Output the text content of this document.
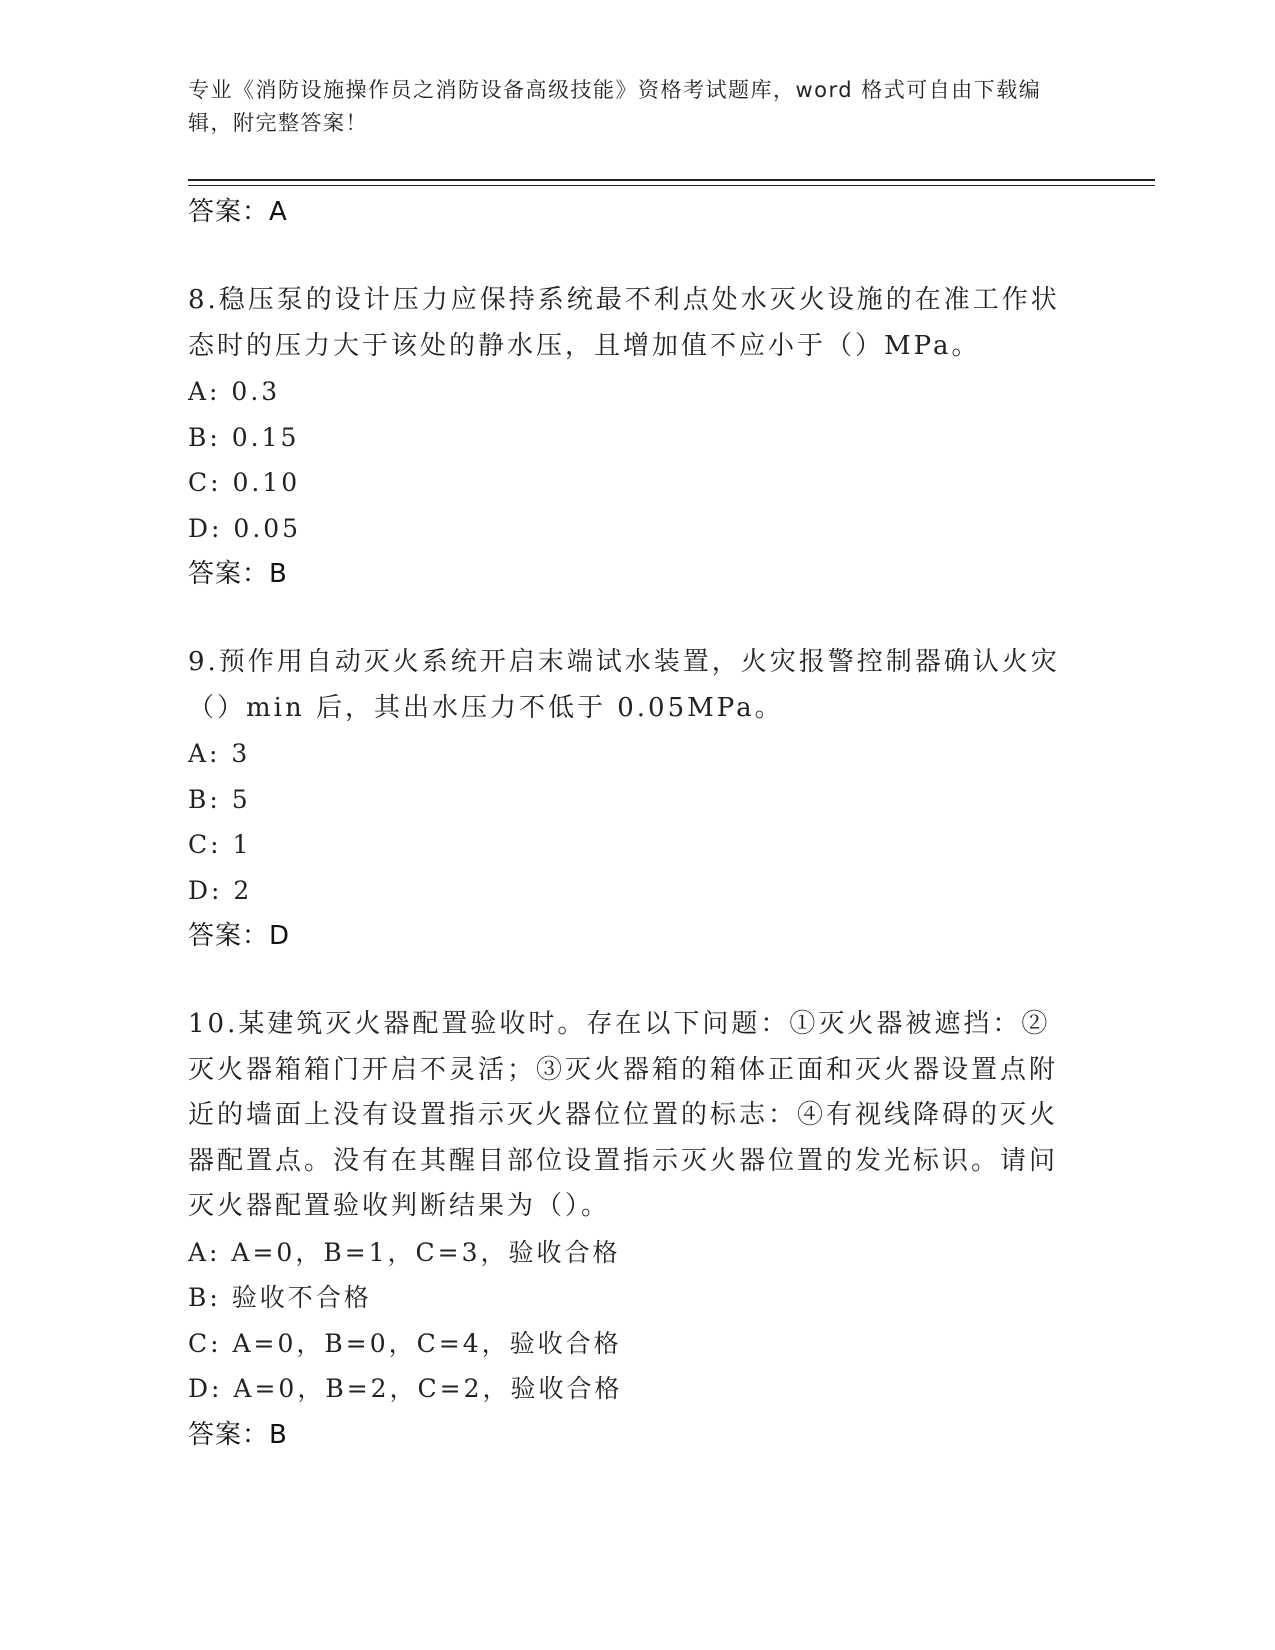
专业《消防设施操作员之消防设备高级技能》资格考试题库，word 格式可自由下载编辑，附完整答案！
答案：A
8.稳压泵的设计压力应保持系统最不利点处水灭火设施的在准工作状态时的压力大于该处的静水压，且增加值不应小于（）MPa。
A: 0.3
B: 0.15
C: 0.10
D: 0.05
答案：B
9.预作用自动灭火系统开启末端试水装置，火灾报警控制器确认火灾（）min 后，其出水压力不低于 0.05MPa。
A: 3
B: 5
C: 1
D: 2
答案：D
10.某建筑灭火器配置验收时。存在以下问题：①灭火器被遮挡：②灭火器箱箱门开启不灵活；③灭火器箱的箱体正面和灭火器设置点附近的墙面上没有设置指示灭火器位位置的标志：④有视线降碍的灭火器配置点。没有在其醒目部位设置指示灭火器位置的发光标识。请问灭火器配置验收判断结果为（）。
A: A=0，B=1，C=3，验收合格
B: 验收不合格
C: A=0，B=0，C=4，验收合格
D: A=0，B=2，C=2，验收合格
答案：B
